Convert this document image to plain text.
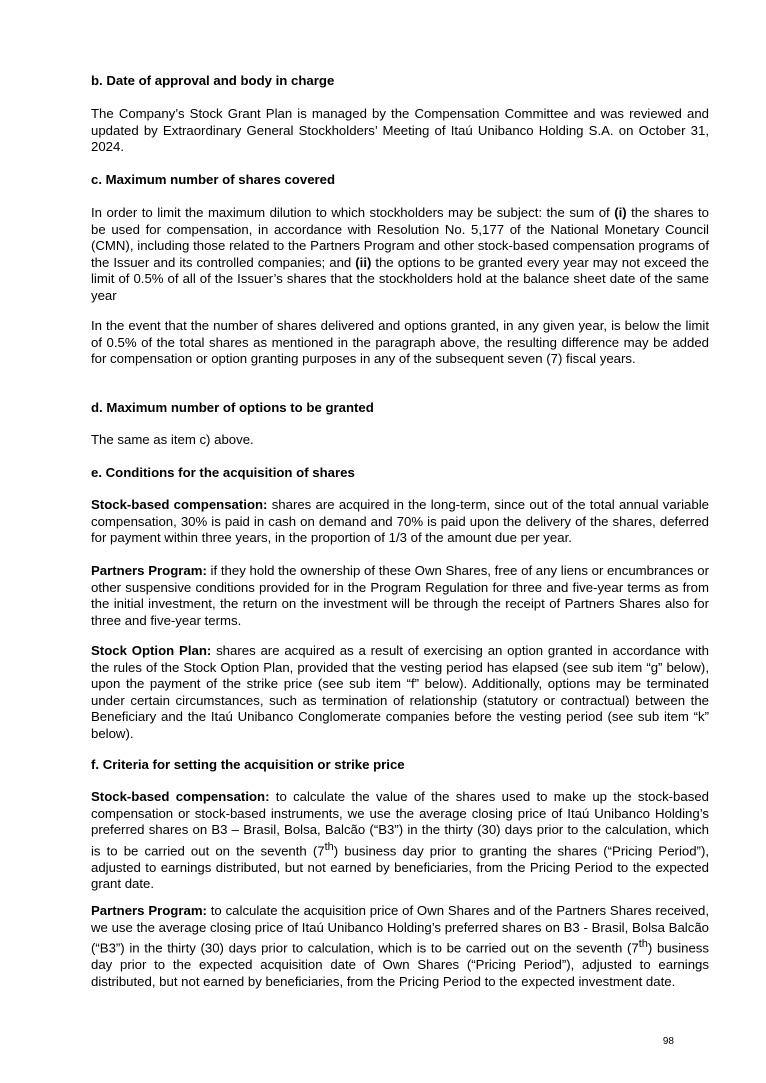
b. Date of approval and body in charge

The Company’s Stock Grant Plan is managed by the Compensation Committee and was reviewed and updated by Extraordinary General Stockholders’ Meeting of Itaú Unibanco Holding S.A. on October 31, 2024.

c. Maximum number of shares covered

In order to limit the maximum dilution to which stockholders may be subject: the sum of (i) the shares to be used for compensation, in accordance with Resolution No. 5,177 of the National Monetary Council (CMN), including those related to the Partners Program and other stock-based compensation programs of the Issuer and its controlled companies; and (ii) the options to be granted every year may not exceed the limit of 0.5% of all of the Issuer’s shares that the stockholders hold at the balance sheet date of the same year

In the event that the number of shares delivered and options granted, in any given year, is below the limit of 0.5% of the total shares as mentioned in the paragraph above, the resulting difference may be added for compensation or option granting purposes in any of the subsequent seven (7) fiscal years.

d. Maximum number of options to be granted

The same as item c) above.

e. Conditions for the acquisition of shares

Stock-based compensation: shares are acquired in the long-term, since out of the total annual variable compensation, 30% is paid in cash on demand and 70% is paid upon the delivery of the shares, deferred for payment within three years, in the proportion of 1/3 of the amount due per year.

Partners Program: if they hold the ownership of these Own Shares, free of any liens or encumbrances or other suspensive conditions provided for in the Program Regulation for three and five-year terms as from the initial investment, the return on the investment will be through the receipt of Partners Shares also for three and five-year terms.

Stock Option Plan: shares are acquired as a result of exercising an option granted in accordance with the rules of the Stock Option Plan, provided that the vesting period has elapsed (see sub item “g” below), upon the payment of the strike price (see sub item “f” below). Additionally, options may be terminated under certain circumstances, such as termination of relationship (statutory or contractual) between the Beneficiary and the Itaú Unibanco Conglomerate companies before the vesting period (see sub item “k” below).

f. Criteria for setting the acquisition or strike price

Stock-based compensation: to calculate the value of the shares used to make up the stock-based compensation or stock-based instruments, we use the average closing price of Itaú Unibanco Holding’s preferred shares on B3 – Brasil, Bolsa, Balcão (“B3”) in the thirty (30) days prior to the calculation, which is to be carried out on the seventh (7th) business day prior to granting the shares (“Pricing Period”), adjusted to earnings distributed, but not earned by beneficiaries, from the Pricing Period to the expected grant date.

Partners Program: to calculate the acquisition price of Own Shares and of the Partners Shares received, we use the average closing price of Itaú Unibanco Holding’s preferred shares on B3 - Brasil, Bolsa Balcão (“B3”) in the thirty (30) days prior to calculation, which is to be carried out on the seventh (7th) business day prior to the expected acquisition date of Own Shares (“Pricing Period”), adjusted to earnings distributed, but not earned by beneficiaries, from the Pricing Period to the expected investment date.

98
